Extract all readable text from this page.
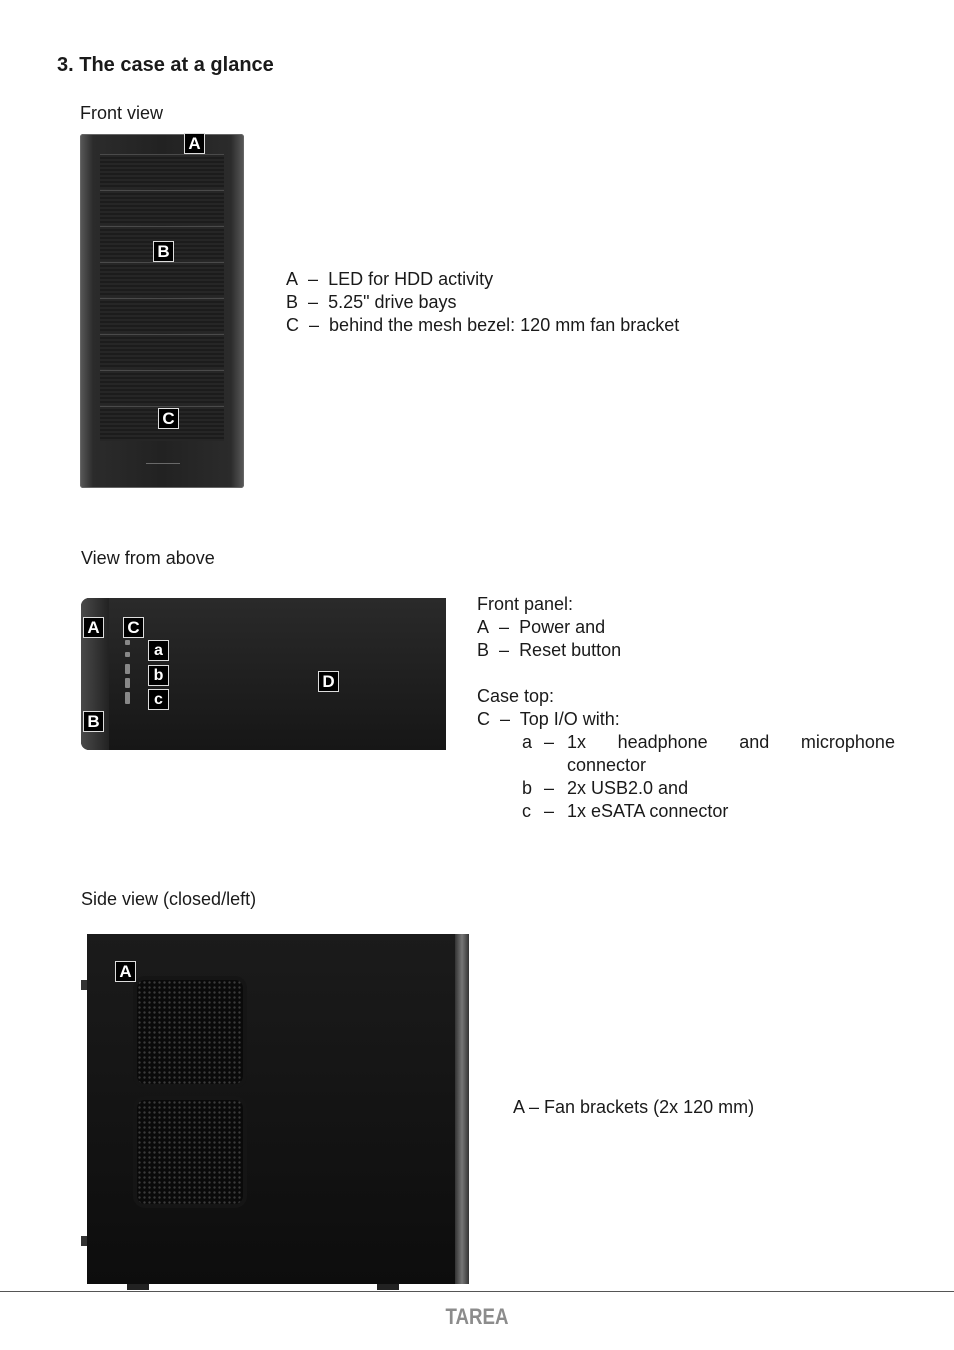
3. The case at a glance
Front view
A
B
C
A – LED for HDD activity
B – 5.25" drive bays
C – behind the mesh bezel: 120 mm fan bracket
View from above
A
B
C
D
a
b
c
Front panel:
A – Power and
B – Reset button
Case top:
C – Top I/O with:
a – 1x headphone and microphone
connector
b – 2x USB2.0 and
c – 1x eSATA connector
Side view (closed/left)
A
A – Fan brackets (2x 120 mm)
TAREA
